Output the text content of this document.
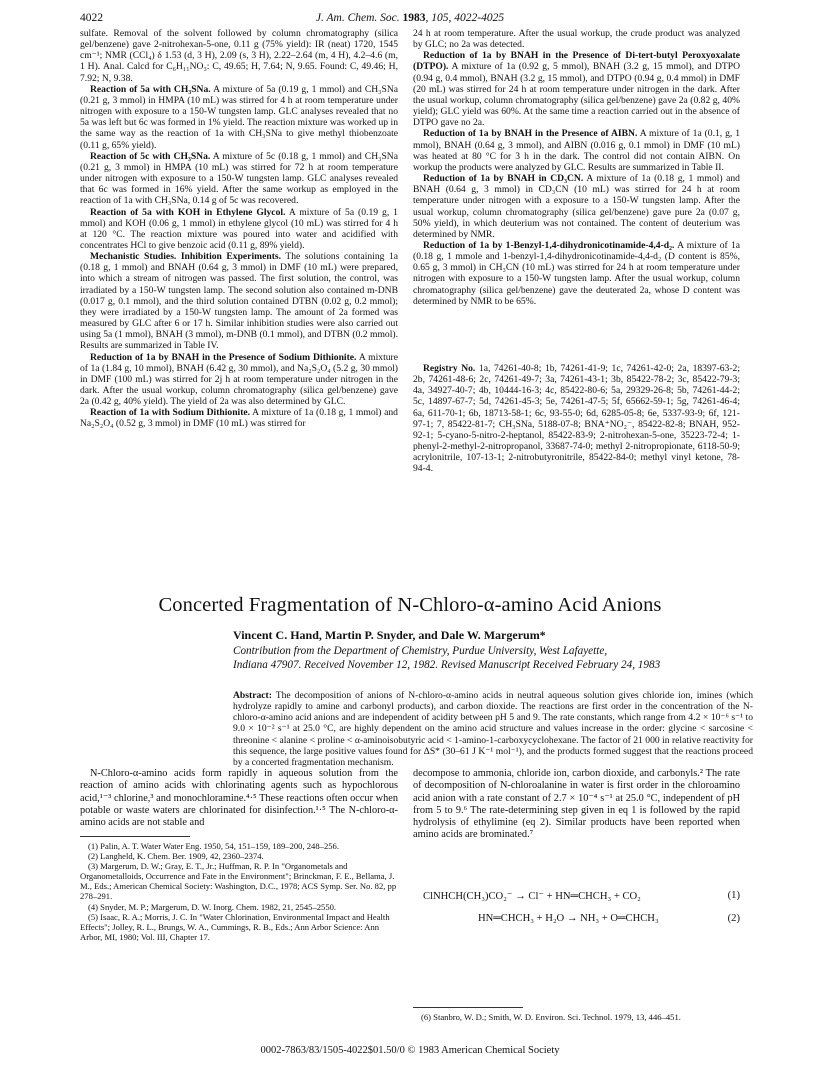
4022	J. Am. Chem. Soc. 1983, 105, 4022-4025

sulfate. Removal of the solvent followed by column chromatography (silica gel/benzene) gave 2-nitrohexan-5-one, 0.11 g (75% yield): IR (neat) 1720, 1545 cm⁻¹; NMR (CCl₄) δ 1.53 (d, 3 H), 2.09 (s, 3 H), 2.22–2.64 (m, 4 H), 4.2–4.6 (m, 1 H). Anal. Calcd for C₆H₁₁NO₃: C, 49.65; H, 7.64; N, 9.65. Found: C, 49.46; H, 7.92; N, 9.38.

Reaction of 5a with CH₃SNa. A mixture of 5a (0.19 g, 1 mmol) and CH₃SNa (0.21 g, 3 mmol) in HMPA (10 mL) was stirred for 4 h at room temperature under nitrogen with exposure to a 150-W tungsten lamp. GLC analyses revealed that no 5a was left but 6c was formed in 1% yield. The reaction mixture was worked up in the same way as the reaction of 1a with CH₃SNa to give methyl thiobenzoate (0.11 g, 65% yield).

Reaction of 5c with CH₃SNa. A mixture of 5c (0.18 g, 1 mmol) and CH₃SNa (0.21 g, 3 mmol) in HMPA (10 mL) was stirred for 72 h at room temperature under nitrogen with exposure to a 150-W tungsten lamp. GLC analyses revealed that 6c was formed in 16% yield. After the same workup as employed in the reaction of 1a with CH₃SNa, 0.14 g of 5c was recovered.

Reaction of 5a with KOH in Ethylene Glycol. A mixture of 5a (0.19 g, 1 mmol) and KOH (0.06 g, 1 mmol) in ethylene glycol (10 mL) was stirred for 4 h at 120 °C. The reaction mixture was poured into water and acidified with concentrates HCl to give benzoic acid (0.11 g, 89% yield).

Mechanistic Studies. Inhibition Experiments. The solutions containing 1a (0.18 g, 1 mmol) and BNAH (0.64 g, 3 mmol) in DMF (10 mL) were prepared, into which a stream of nitrogen was passed. The first solution, the control, was irradiated by a 150-W tungsten lamp. The second solution also contained m-DNB (0.017 g, 0.1 mmol), and the third solution contained DTBN (0.02 g, 0.2 mmol); they were irradiated by a 150-W tungsten lamp. The amount of 2a formed was measured by GLC after 6 or 17 h. Similar inhibition studies were also carried out using 5a (1 mmol), BNAH (3 mmol), m-DNB (0.1 mmol), and DTBN (0.2 mmol). Results are summarized in Table IV.

Reduction of 1a by BNAH in the Presence of Sodium Dithionite. A mixture of 1a (1.84 g, 10 mmol), BNAH (6.42 g, 30 mmol), and Na₂S₂O₄ (5.2 g, 30 mmol) in DMF (100 mL) was stirred for 2j h at room temperature under nitrogen in the dark. After the usual workup, column chromatography (silica gel/benzene) gave 2a (0.42 g, 40% yield). The yield of 2a was also determined by GLC.

Reaction of 1a with Sodium Dithionite. A mixture of 1a (0.18 g, 1 mmol) and Na₂S₂O₄ (0.52 g, 3 mmol) in DMF (10 mL) was stirred for

24 h at room temperature. After the usual workup, the crude product was analyzed by GLC; no 2a was detected.

Reduction of 1a by BNAH in the Presence of Di-tert-butyl Peroxyoxalate (DTPO). A mixture of 1a (0.92 g, 5 mmol), BNAH (3.2 g, 15 mmol), and DTPO (0.94 g, 0.4 mmol), BNAH (3.2 g, 15 mmol), and DTPO (0.94 g, 0.4 mmol) in DMF (20 mL) was stirred for 24 h at room temperature under nitrogen in the dark. After the usual workup, column chromatography (silica gel/benzene) gave 2a (0.82 g, 40% yield); GLC yield was 60%. At the same time a reaction carried out in the absence of DTPO gave no 2a.

Reduction of 1a by BNAH in the Presence of AIBN. A mixture of 1a (0.1, g, 1 mmol), BNAH (0.64 g, 3 mmol), and AIBN (0.016 g, 0.1 mmol) in DMF (10 mL) was heated at 80 °C for 3 h in the dark. The control did not contain AIBN. On workup the products were analyzed by GLC. Results are summarized in Table II.

Reduction of 1a by BNAH in CD₃CN. A mixture of 1a (0.18 g, 1 mmol) and BNAH (0.64 g, 3 mmol) in CD₃CN (10 mL) was stirred for 24 h at room temperature under nitrogen with a exposure to a 150-W tungsten lamp. After the usual workup, column chromatography (silica gel/benzene) gave pure 2a (0.07 g, 50% yield), in which deuterium was not contained. The content of deuterium was determined by NMR.

Reduction of 1a by 1-Benzyl-1,4-dihydronicotinamide-4,4-d₂. A mixture of 1a (0.18 g, 1 mmole and 1-benzyl-1,4-dihydronicotinamide-4,4-d₂ (D content is 85%, 0.65 g, 3 mmol) in CH₃CN (10 mL) was stirred for 24 h at room temperature under nitrogen with exposure to a 150-W tungsten lamp. After the usual workup, column chromatography (silica gel/benzene) gave the deuterated 2a, whose D content was determined by NMR to be 65%.

Registry No. 1a, 74261-40-8; 1b, 74261-41-9; 1c, 74261-42-0; 2a, 18397-63-2; 2b, 74261-48-6; 2c, 74261-49-7; 3a, 74261-43-1; 3b, 85422-78-2; 3c, 85422-79-3; 4a, 34927-40-7; 4b, 10444-16-3; 4c, 85422-80-6; 5a, 29329-26-8; 5b, 74261-44-2; 5c, 14897-67-7; 5d, 74261-45-3; 5e, 74261-47-5; 5f, 65662-59-1; 5g, 74261-46-4; 6a, 611-70-1; 6b, 18713-58-1; 6c, 93-55-0; 6d, 6285-05-8; 6e, 5337-93-9; 6f, 121-97-1; 7, 85422-81-7; CH₃SNa, 5188-07-8; BNA⁺NO₂⁻, 85422-82-8; BNAH, 952-92-1; 5-cyano-5-nitro-2-heptanol, 85422-83-9; 2-nitrohexan-5-one, 35223-72-4; 1-phenyl-2-methyl-2-nitropropanol, 33687-74-0; methyl 2-nitropropionate, 6118-50-9; acrylonitrile, 107-13-1; 2-nitrobutyronitrile, 85422-84-0; methyl vinyl ketone, 78-94-4.

Concerted Fragmentation of N-Chloro-α-amino Acid Anions
Vincent C. Hand, Martin P. Snyder, and Dale W. Margerum*
Contribution from the Department of Chemistry, Purdue University, West Lafayette,
Indiana 47907. Received November 12, 1982. Revised Manuscript Received February 24, 1983
Abstract: The decomposition of anions of N-chloro-α-amino acids in neutral aqueous solution gives chloride ion, imines (which hydrolyze rapidly to amine and carbonyl products), and carbon dioxide. The reactions are first order in the concentration of the N-chloro-α-amino acid anions and are independent of acidity between pH 5 and 9. The rate constants, which range from 4.2 × 10⁻⁶ s⁻¹ to 9.0 × 10⁻² s⁻¹ at 25.0 °C, are highly dependent on the amino acid structure and values increase in the order: glycine < sarcosine < threonine < alanine < proline < α-aminoisobutyric acid < 1-amino-1-carboxycyclohexane. The factor of 21 000 in relative reactivity for this sequence, the large positive values found for ΔS* (30–61 J K⁻¹ mol⁻¹), and the products formed suggest that the reactions proceed by a concerted fragmentation mechanism.

N-Chloro-α-amino acids form rapidly in aqueous solution from the reaction of amino acids with chlorinating agents such as hypochlorous acid,¹⁻³ chlorine,³ and monochloramine.⁴·⁵ These reactions often occur when potable or waste waters are chlorinated for disinfection.¹·⁵ The N-chloro-α-amino acids are not stable and

decompose to ammonia, chloride ion, carbon dioxide, and carbonyls.² The rate of decomposition of N-chloroalanine in water is first order in the chloroamino acid anion with a rate constant of 2.7 × 10⁻⁴ s⁻¹ at 25.0 °C, independent of pH from 5 to 9.⁶ The rate-determining step given in eq 1 is followed by the rapid hydrolysis of ethylimine (eq 2). Similar products have been reported when amino acids are brominated.⁷

ClNHCH(CH₃)CO₂⁻ → Cl⁻ + HN═CHCH₃ + CO₂	(1)
HN═CHCH₃ + H₂O → NH₃ + O═CHCH₃	(2)

(1) Palin, A. T. Water Water Eng. 1950, 54, 151–159, 189–200, 248–256.

(2) Langheld, K. Chem. Ber. 1909, 42, 2360–2374.

(3) Margerum, D. W.; Gray, E. T., Jr.; Huffman, R. P. In "Organometals and Organometalloids, Occurrence and Fate in the Environment"; Brinckman, F. E., Bellama, J. M., Eds.; American Chemical Society: Washington, D.C., 1978; ACS Symp. Ser. No. 82, pp 278–291.

(4) Snyder, M. P.; Margerum, D. W. Inorg. Chem. 1982, 21, 2545–2550.

(5) Isaac, R. A.; Morris, J. C. In "Water Chlorination, Environmental Impact and Health Effects"; Jolley, R. L., Brungs, W. A., Cummings, R. B., Eds.; Ann Arbor Science: Ann Arbor, MI, 1980; Vol. III, Chapter 17.

(6) Stanbro, W. D.; Smith, W. D. Environ. Sci. Technol. 1979, 13, 446–451.

0002-7863/83/1505-4022$01.50/0 © 1983 American Chemical Society
